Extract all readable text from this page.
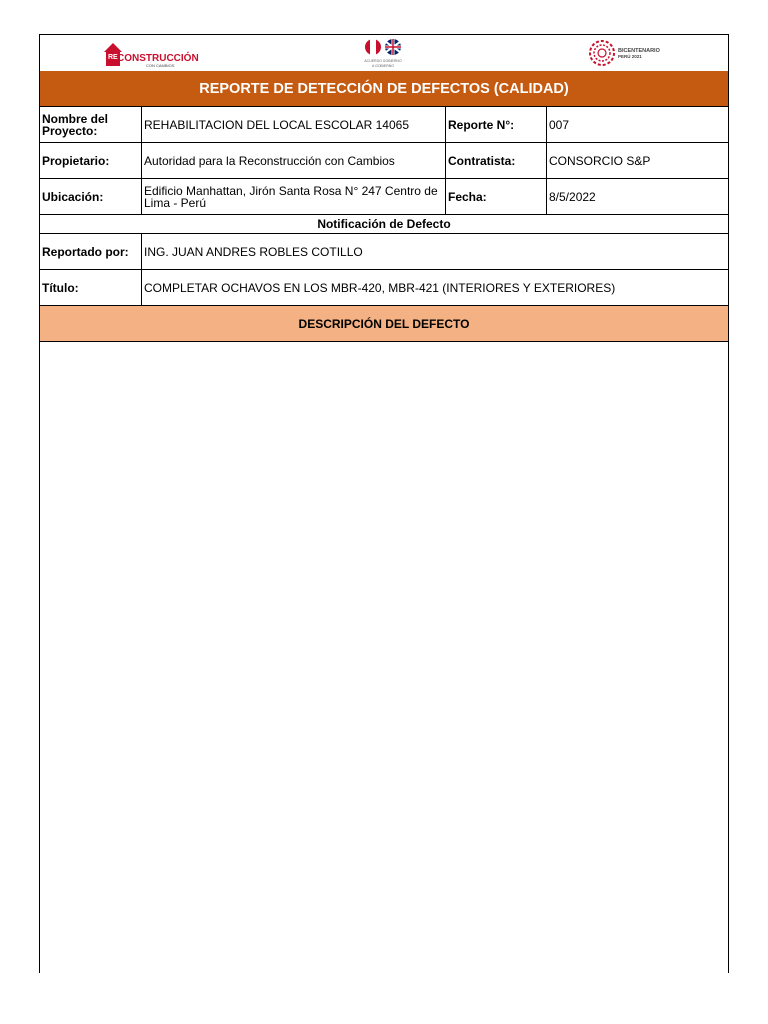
RE CONSTRUCCIÓN
CON CAMBIOS
ACUERDO GOBIERNO
A GOBIERNO
BICENTENARIO
PERÚ 2021
REPORTE DE DETECCIÓN DE DEFECTOS (CALIDAD)
Nombre del Proyecto:	REHABILITACION DEL LOCAL ESCOLAR 14065	Reporte N°:	007
Propietario:	Autoridad para la Reconstrucción con Cambios	Contratista:	CONSORCIO S&P
Ubicación:	Edificio Manhattan, Jirón Santa Rosa N° 247 Centro de Lima - Perú	Fecha:	8/5/2022
Notificación de Defecto
Reportado por:	ING. JUAN ANDRES ROBLES COTILLO
Título:	COMPLETAR OCHAVOS EN LOS MBR-420, MBR-421 (INTERIORES Y EXTERIORES)
DESCRIPCIÓN DEL DEFECTO
